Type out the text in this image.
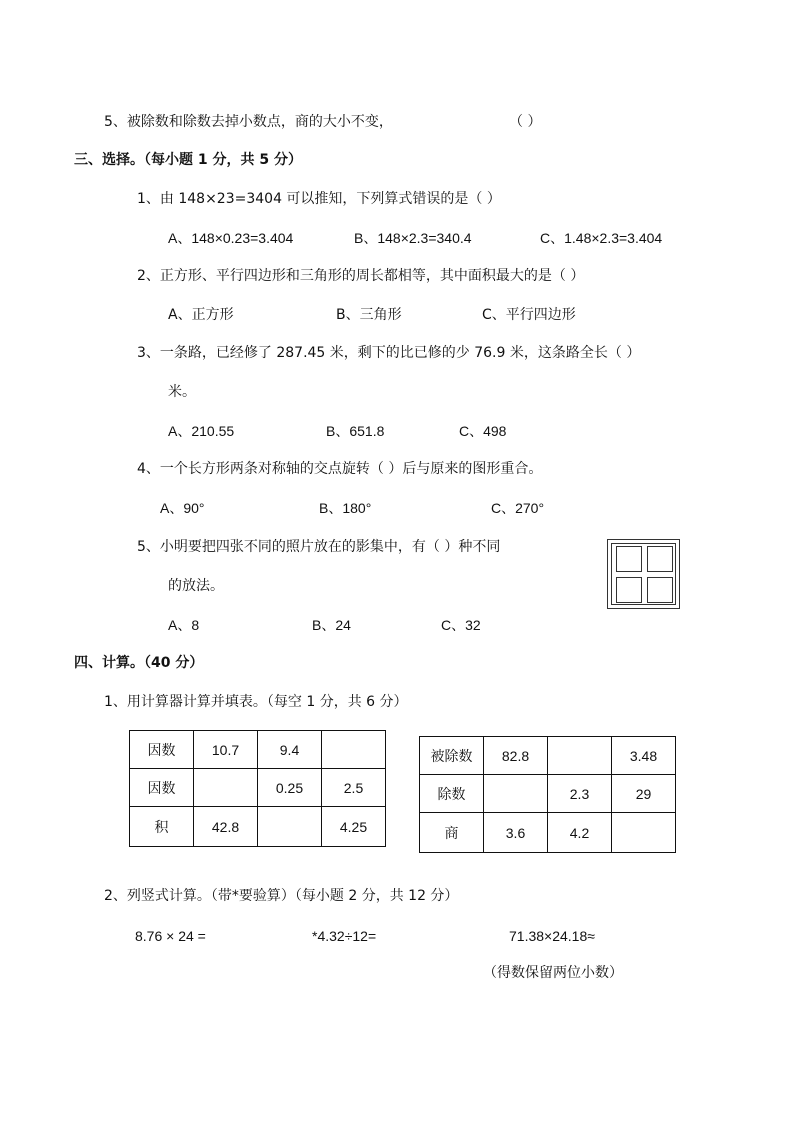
5、被除数和除数去掉小数点，商的大小不变，	（ ）
三、选择。（每小题 1 分，共 5 分）
1、由 148×23=3404 可以推知，下列算式错误的是（ ）
A、148×0.23=3.404	B、148×2.3=340.4	C、1.48×2.3=3.404
2、正方形、平行四边形和三角形的周长都相等，其中面积最大的是（ ）
A、正方形	B、三角形	C、平行四边形
3、一条路，已经修了 287.45 米，剩下的比已修的少 76.9 米，这条路全长（ ）
米。
A、210.55	B、651.8	C、498
4、一个长方形两条对称轴的交点旋转（ ）后与原来的图形重合。
A、90°	B、180°	C、270°
5、小明要把四张不同的照片放在的影集中，有（ ）种不同
的放法。
A、8	B、24	C、32
四、计算。（40 分）
1、用计算器计算并填表。（每空 1 分，共 6 分）
因数	10.7	9.4	
因数		0.25	2.5
积	42.8		4.25
被除数	82.8		3.48
除数		2.3	29
商	3.6	4.2	
2、列竖式计算。（带*要验算）（每小题 2 分，共 12 分）
8.76 × 24 =	*4.32÷12=	71.38×24.18≈
（得数保留两位小数）
